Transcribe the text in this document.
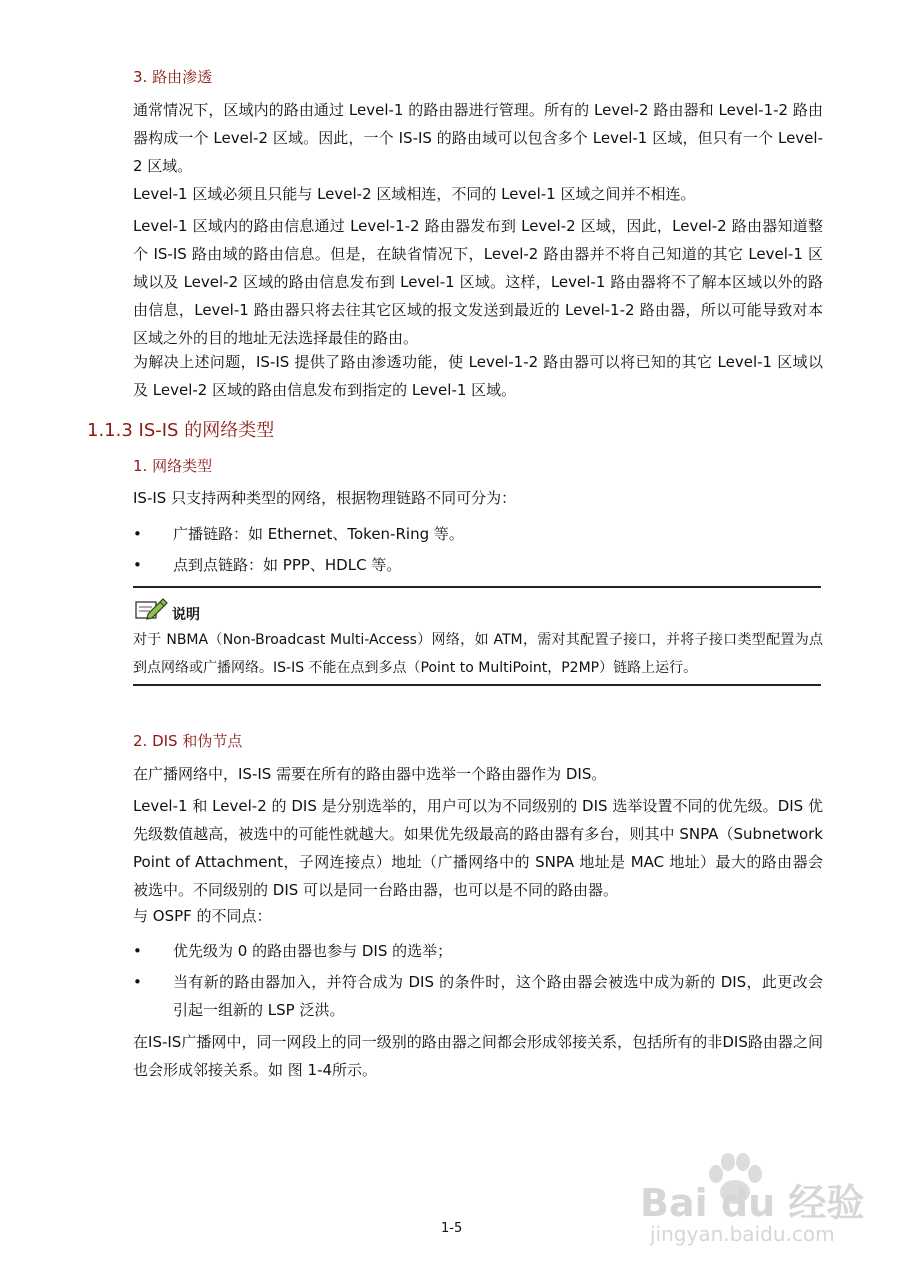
3. 路由渗透

通常情况下，区域内的路由通过 Level-1 的路由器进行管理。所有的 Level-2 路由器和 Level-1-2 路由器构成一个 Level-2 区域。因此，一个 IS-IS 的路由域可以包含多个 Level-1 区域，但只有一个 Level-2 区域。

Level-1 区域必须且只能与 Level-2 区域相连，不同的 Level-1 区域之间并不相连。

Level-1 区域内的路由信息通过 Level-1-2 路由器发布到 Level-2 区域，因此，Level-2 路由器知道整个 IS-IS 路由域的路由信息。但是，在缺省情况下，Level-2 路由器并不将自己知道的其它 Level-1 区域以及 Level-2 区域的路由信息发布到 Level-1 区域。这样，Level-1 路由器将不了解本区域以外的路由信息，Level-1 路由器只将去往其它区域的报文发送到最近的 Level-1-2 路由器，所以可能导致对本区域之外的目的地址无法选择最佳的路由。

为解决上述问题，IS-IS 提供了路由渗透功能，使 Level-1-2 路由器可以将已知的其它 Level-1 区域以及 Level-2 区域的路由信息发布到指定的 Level-1 区域。

1.1.3 IS-IS 的网络类型
1. 网络类型

IS-IS 只支持两种类型的网络，根据物理链路不同可分为：

•	广播链路：如 Ethernet、Token-Ring 等。
•	点到点链路：如 PPP、HDLC 等。
说明

对于 NBMA（Non-Broadcast Multi-Access）网络，如 ATM，需对其配置子接口，并将子接口类型配置为点到点网络或广播网络。IS-IS 不能在点到多点（Point to MultiPoint，P2MP）链路上运行。

2. DIS 和伪节点

在广播网络中，IS-IS 需要在所有的路由器中选举一个路由器作为 DIS。

Level-1 和 Level-2 的 DIS 是分别选举的，用户可以为不同级别的 DIS 选举设置不同的优先级。DIS 优先级数值越高，被选中的可能性就越大。如果优先级最高的路由器有多台，则其中 SNPA（Subnetwork Point of Attachment，子网连接点）地址（广播网络中的 SNPA 地址是 MAC 地址）最大的路由器会被选中。不同级别的 DIS 可以是同一台路由器，也可以是不同的路由器。

与 OSPF 的不同点：

•	优先级为 0 的路由器也参与 DIS 的选举；
•	当有新的路由器加入，并符合成为 DIS 的条件时，这个路由器会被选中成为新的 DIS，此更改会引起一组新的 LSP 泛洪。

在IS-IS广播网中，同一网段上的同一级别的路由器之间都会形成邻接关系，包括所有的非DIS路由器之间也会形成邻接关系。如 图 1-4所示。

1-5
Bai du 经验
jingyan.baidu.com
